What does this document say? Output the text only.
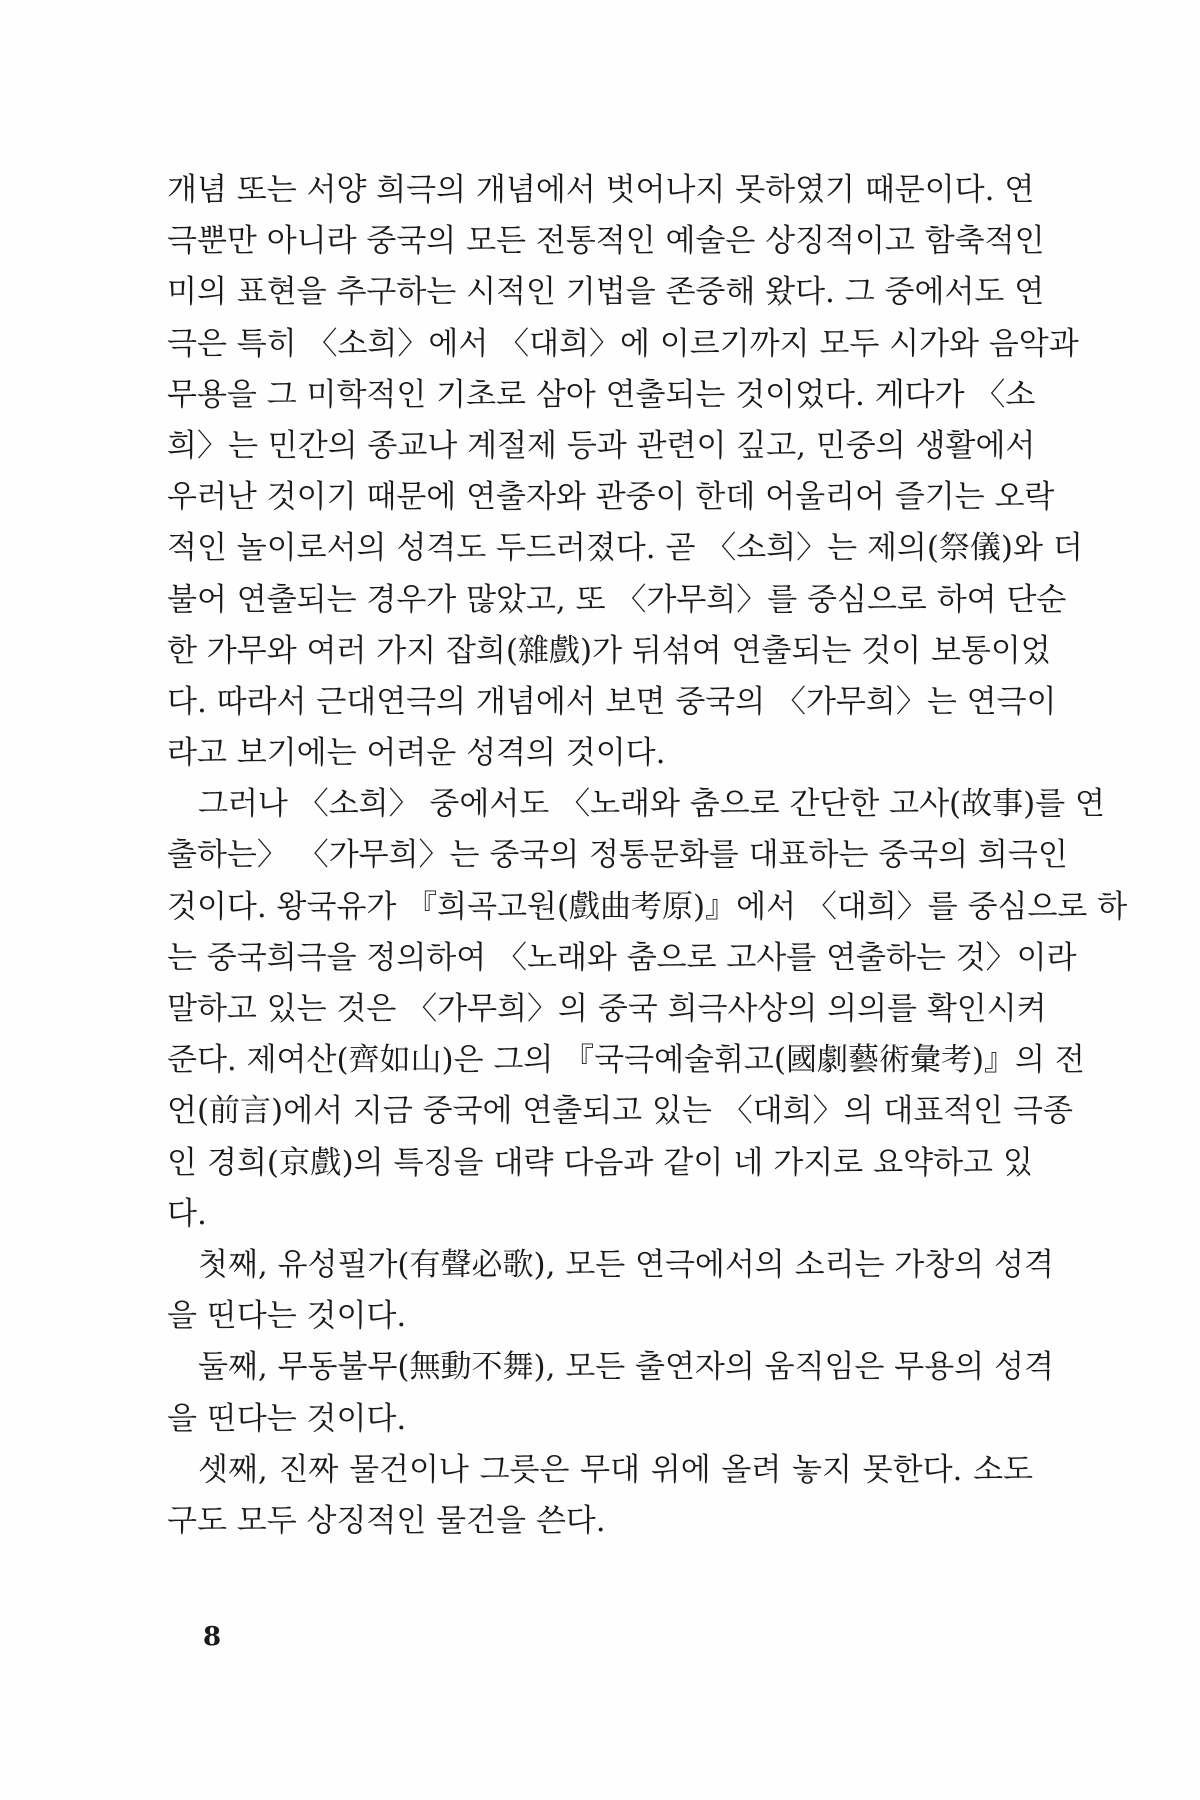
개념 또는 서양 희극의 개념에서 벗어나지 못하였기 때문이다. 연
극뿐만 아니라 중국의 모든 전통적인 예술은 상징적이고 함축적인
미의 표현을 추구하는 시적인 기법을 존중해 왔다. 그 중에서도 연
극은 특히 〈소희〉에서 〈대희〉에 이르기까지 모두 시가와 음악과
무용을 그 미학적인 기초로 삼아 연출되는 것이었다. 게다가 〈소
희〉는 민간의 종교나 계절제 등과 관련이 깊고, 민중의 생활에서
우러난 것이기 때문에 연출자와 관중이 한데 어울리어 즐기는 오락
적인 놀이로서의 성격도 두드러졌다. 곧 〈소희〉는 제의(祭儀)와 더
불어 연출되는 경우가 많았고, 또 〈가무희〉를 중심으로 하여 단순
한 가무와 여러 가지 잡희(雜戲)가 뒤섞여 연출되는 것이 보통이었
다. 따라서 근대연극의 개념에서 보면 중국의 〈가무희〉는 연극이
라고 보기에는 어려운 성격의 것이다.
그러나 〈소희〉 중에서도 〈노래와 춤으로 간단한 고사(故事)를 연
출하는〉 〈가무희〉는 중국의 정통문화를 대표하는 중국의 희극인
것이다. 왕국유가 『희곡고원(戲曲考原)』에서 〈대희〉를 중심으로 하
는 중국희극을 정의하여 〈노래와 춤으로 고사를 연출하는 것〉이라
말하고 있는 것은 〈가무희〉의 중국 희극사상의 의의를 확인시켜
준다. 제여산(齊如山)은 그의 『국극예술휘고(國劇藝術彙考)』의 전
언(前言)에서 지금 중국에 연출되고 있는 〈대희〉의 대표적인 극종
인 경희(京戲)의 특징을 대략 다음과 같이 네 가지로 요약하고 있
다.
첫째, 유성필가(有聲必歌), 모든 연극에서의 소리는 가창의 성격
을 띤다는 것이다.
둘째, 무동불무(無動不舞), 모든 출연자의 움직임은 무용의 성격
을 띤다는 것이다.
셋째, 진짜 물건이나 그릇은 무대 위에 올려 놓지 못한다. 소도
구도 모두 상징적인 물건을 쓴다.
8
